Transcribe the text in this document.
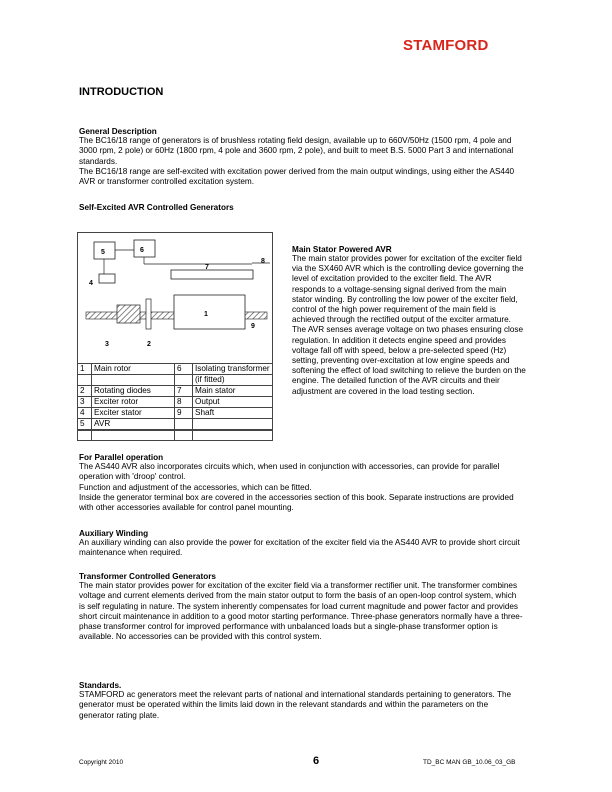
STAMFORD
INTRODUCTION

General Description

The BC16/18 range of generators is of brushless rotating field design, available up to 660V/50Hz (1500 rpm, 4 pole and 3000 rpm, 2 pole) or 60Hz (1800 rpm, 4 pole and 3600 rpm, 2 pole), and built to meet B.S. 5000 Part 3 and international standards.

The BC16/18 range are self-excited with excitation power derived from the main output windings, using either the AS440 AVR or transformer controlled excitation system.

Self-Excited AVR Controlled Generators

5	6
4
7
8
1
9
3	2
1	Main rotor	6	Isolating transformer
			(if fitted)
2	Rotating diodes	7	Main stator
3	Exciter rotor	8	Output
4	Exciter stator	9	Shaft
5	AVR		

Main Stator Powered AVR

The main stator provides power for excitation of the exciter field via the SX460 AVR which is the controlling device governing the level of excitation provided to the exciter field. The AVR responds to a voltage-sensing signal derived from the main stator winding. By controlling the low power of the exciter field, control of the high power requirement of the main field is achieved through the rectified output of the exciter armature. The AVR senses average voltage on two phases ensuring close regulation. In addition it detects engine speed and provides voltage fall off with speed, below a pre-selected speed (Hz) setting, preventing over-excitation at low engine speeds and softening the effect of load switching to relieve the burden on the engine. The detailed function of the AVR circuits and their adjustment are covered in the load testing section.

For Parallel operation

The AS440 AVR also incorporates circuits which, when used in conjunction with accessories, can provide for parallel operation with 'droop' control.

Function and adjustment of the accessories, which can be fitted.

Inside the generator terminal box are covered in the accessories section of this book. Separate instructions are provided with other accessories available for control panel mounting.

Auxiliary Winding

An auxiliary winding can also provide the power for excitation of the exciter field via the AS440 AVR to provide short circuit maintenance when required.

Transformer Controlled Generators

The main stator provides power for excitation of the exciter field via a transformer rectifier unit. The transformer combines voltage and current elements derived from the main stator output to form the basis of an open-loop control system, which is self regulating in nature. The system inherently compensates for load current magnitude and power factor and provides short circuit maintenance in addition to a good motor starting performance. Three-phase generators normally have a three-phase transformer control for improved performance with unbalanced loads but a single-phase transformer option is available. No accessories can be provided with this control system.

Standards.

STAMFORD ac generators meet the relevant parts of national and international standards pertaining to generators. The generator must be operated within the limits laid down in the relevant standards and within the parameters on the generator rating plate.

Copyright 2010	6	TD_BC MAN GB_10.06_03_GB
